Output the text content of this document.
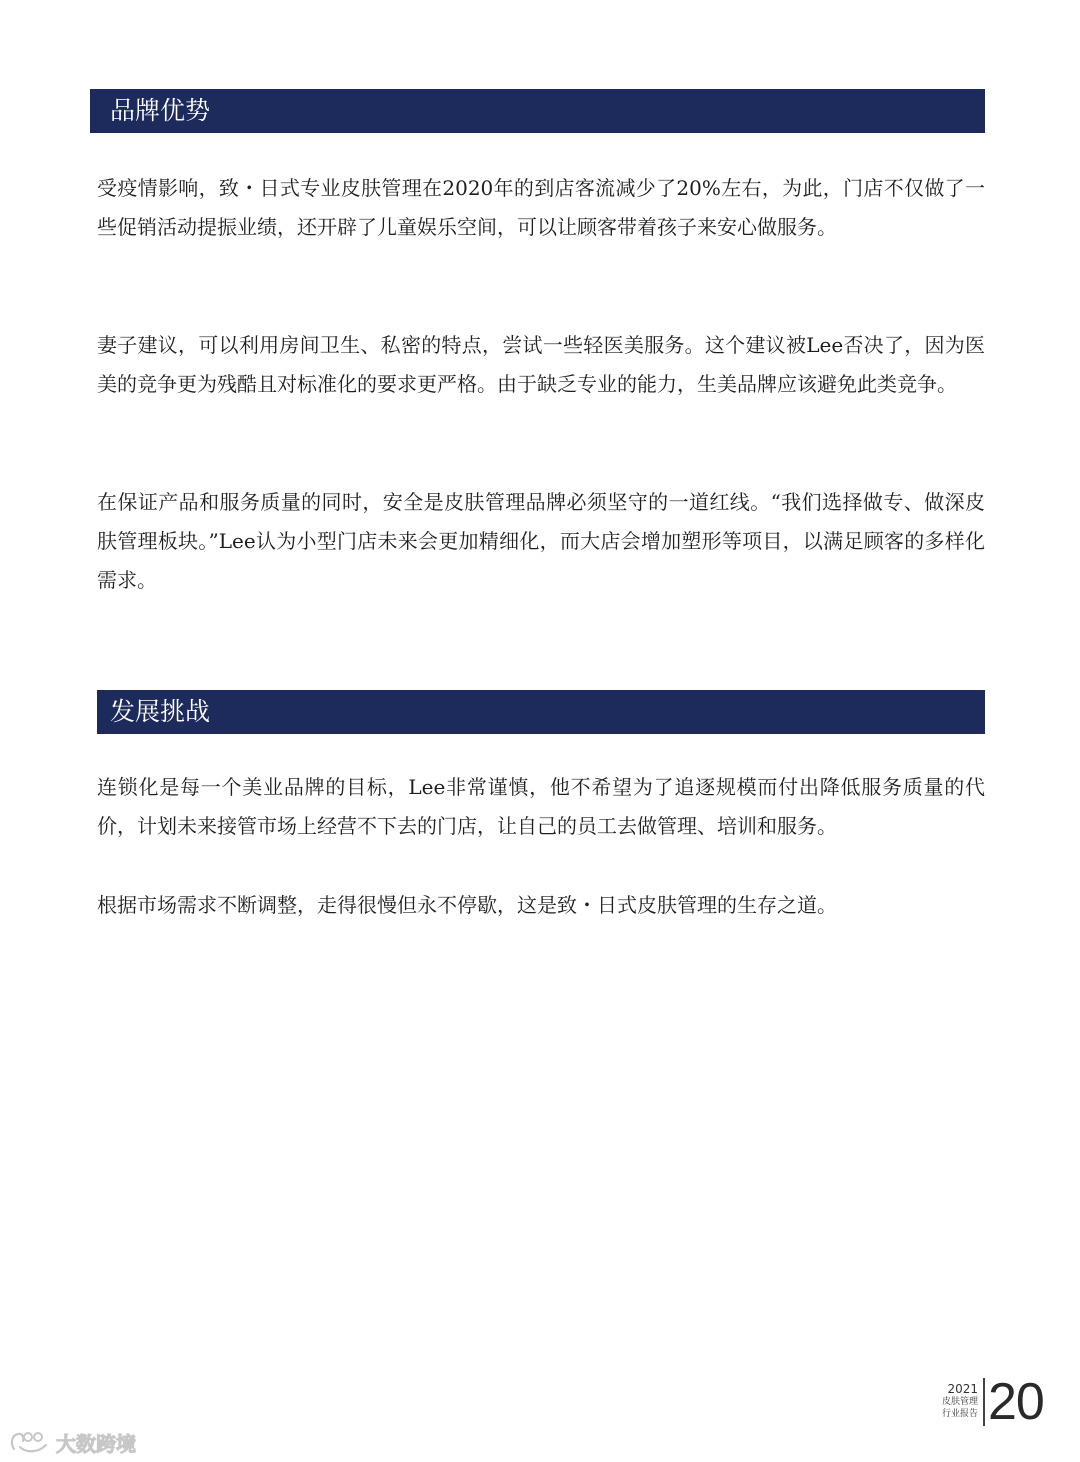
品牌优势

受疫情影响，致・日式专业皮肤管理在2020年的到店客流减少了20%左右，为此，门店不仅做了一些促销活动提振业绩，还开辟了儿童娱乐空间，可以让顾客带着孩子来安心做服务。

妻子建议，可以利用房间卫生、私密的特点，尝试一些轻医美服务。这个建议被Lee否决了，因为医美的竞争更为残酷且对标准化的要求更严格。由于缺乏专业的能力，生美品牌应该避免此类竞争。

在保证产品和服务质量的同时，安全是皮肤管理品牌必须坚守的一道红线。“我们选择做专、做深皮肤管理板块。”Lee认为小型门店未来会更加精细化，而大店会增加塑形等项目，以满足顾客的多样化需求。

发展挑战

连锁化是每一个美业品牌的目标，Lee非常谨慎，他不希望为了追逐规模而付出降低服务质量的代价，计划未来接管市场上经营不下去的门店，让自己的员工去做管理、培训和服务。

根据市场需求不断调整，走得很慢但永不停歇，这是致・日式皮肤管理的生存之道。

2021
皮肤管理
行业报告 20
大数跨境
